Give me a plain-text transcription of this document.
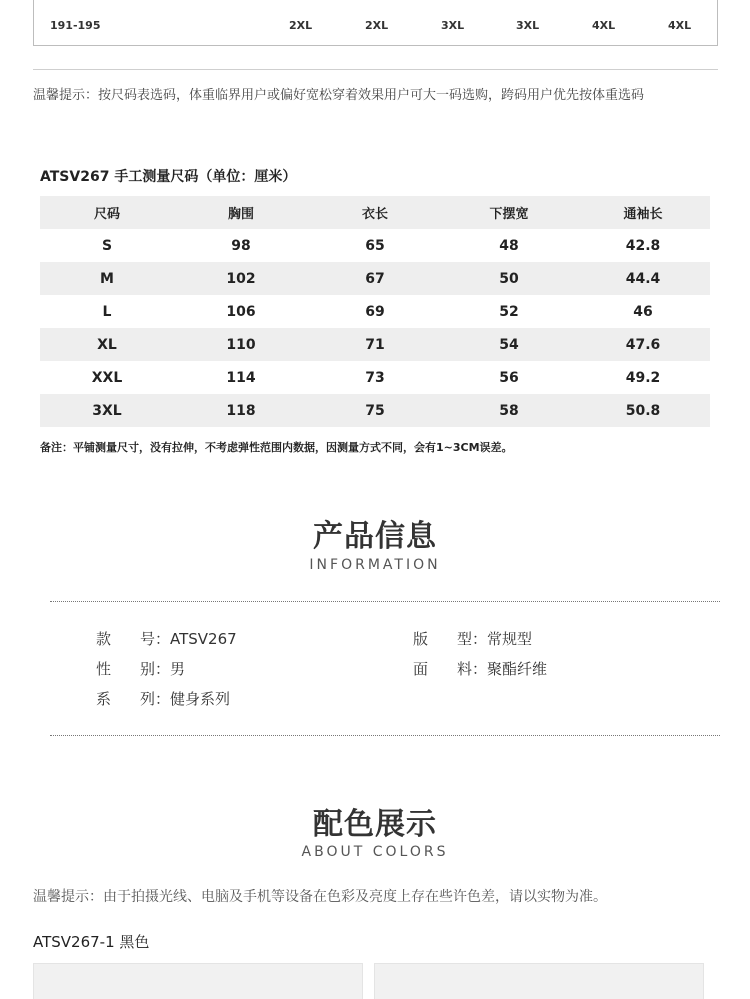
191-195	2XL	2XL	3XL	3XL	4XL	4XL
温馨提示：按尺码表选码，体重临界用户或偏好宽松穿着效果用户可大一码选购，跨码用户优先按体重选码
ATSV267 手工测量尺码（单位：厘米）
尺码	胸围	衣长	下摆宽	通袖长
S	98	65	48	42.8
M	102	67	50	44.4
L	106	69	52	46
XL	110	71	54	47.6
XXL	114	73	56	49.2
3XL	118	75	58	50.8
备注：平铺测量尺寸，没有拉伸，不考虑弹性范围内数据，因测量方式不同，会有1~3CM误差。
产品信息
INFORMATION
款 号：ATSV267	版 型：常规型
性 别：男	面 料：聚酯纤维
系 列：健身系列
配色展示
ABOUT COLORS
温馨提示：由于拍摄光线、电脑及手机等设备在色彩及亮度上存在些许色差，请以实物为准。
ATSV267-1 黑色
